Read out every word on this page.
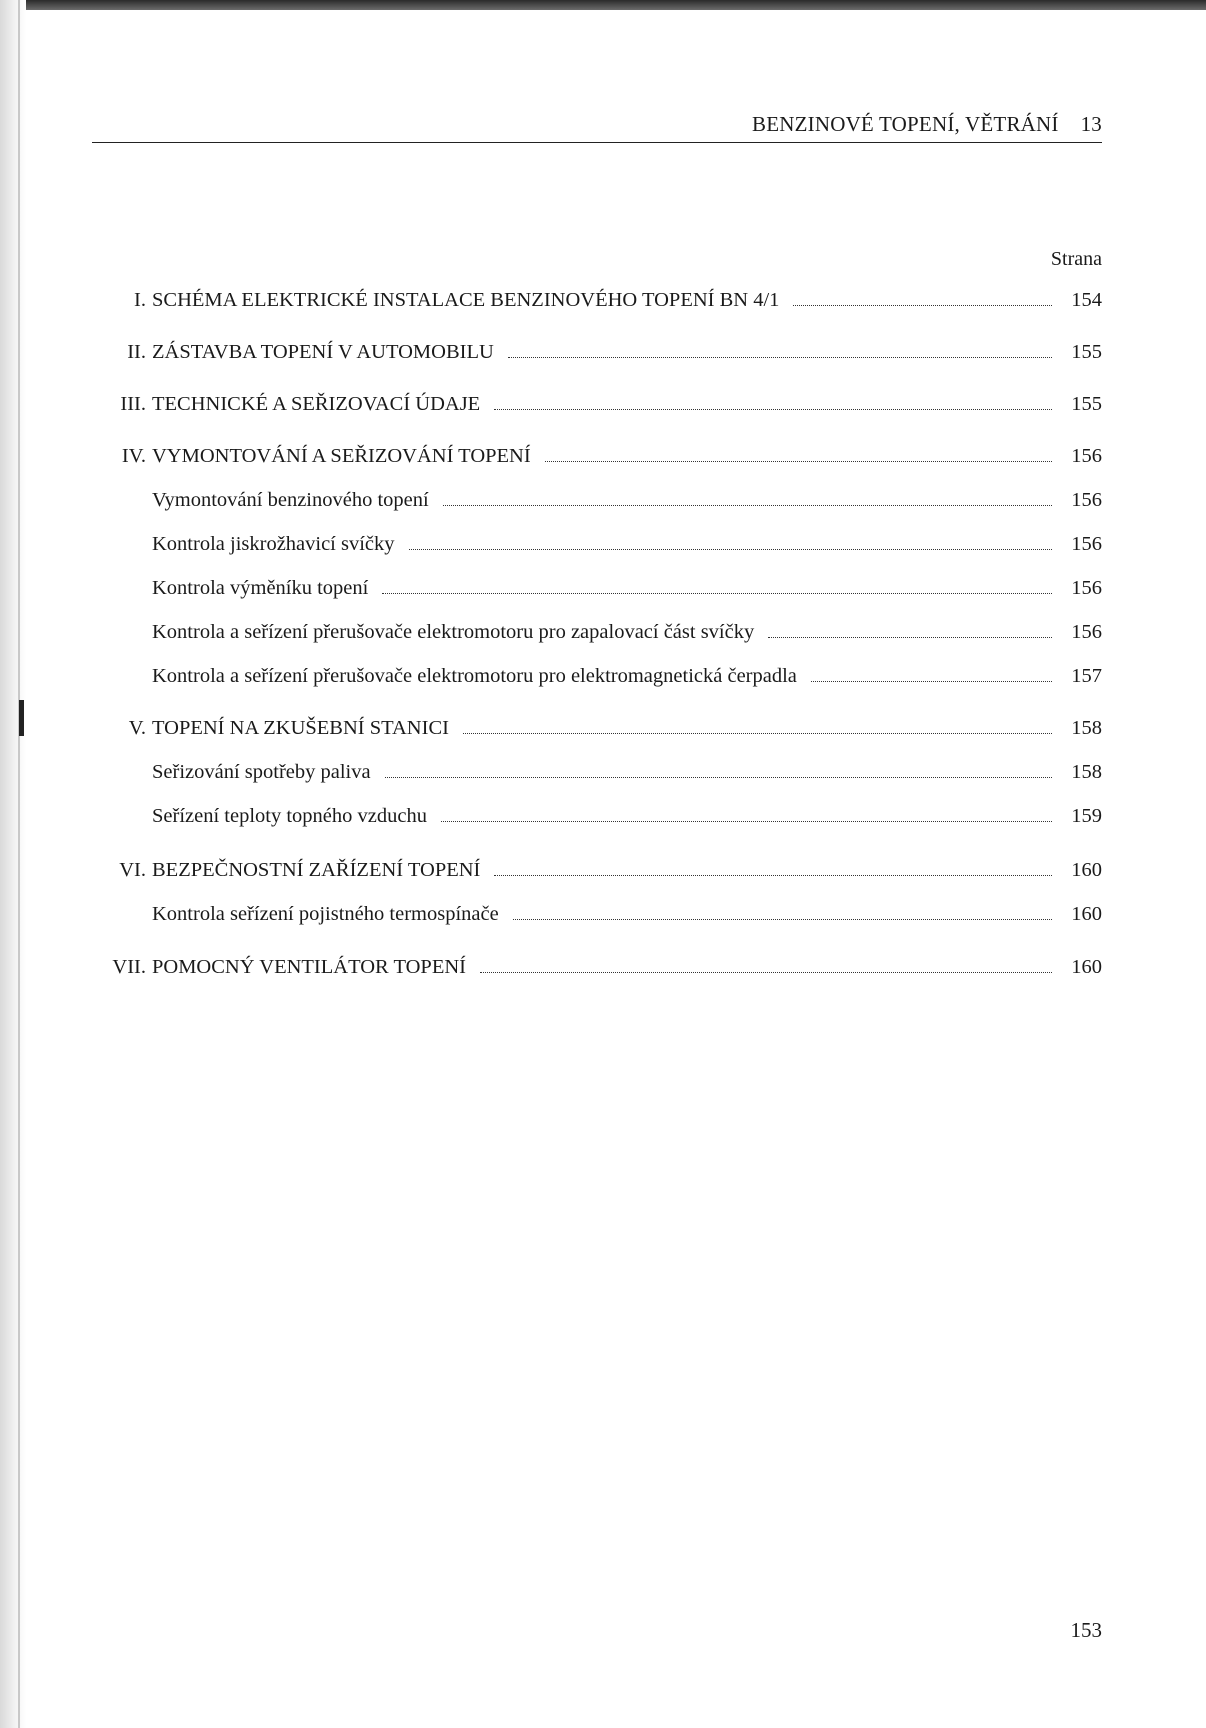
BENZINOVÉ TOPENÍ, VĚTRÁNÍ 13
Strana
I. SCHÉMA ELEKTRICKÉ INSTALACE BENZINOVÉHO TOPENÍ BN 4/1	154
II. ZÁSTAVBA TOPENÍ V AUTOMOBILU	155
III. TECHNICKÉ A SEŘIZOVACÍ ÚDAJE	155
IV. VYMONTOVÁNÍ A SEŘIZOVÁNÍ TOPENÍ	156
Vymontování benzinového topení	156
Kontrola jiskrožhavicí svíčky	156
Kontrola výměníku topení	156
Kontrola a seřízení přerušovače elektromotoru pro zapalovací část svíčky	156
Kontrola a seřízení přerušovače elektromotoru pro elektromagnetická čerpadla	157
V. TOPENÍ NA ZKUŠEBNÍ STANICI	158
Seřizování spotřeby paliva	158
Seřízení teploty topného vzduchu	159
VI. BEZPEČNOSTNÍ ZAŘÍZENÍ TOPENÍ	160
Kontrola seřízení pojistného termospínače	160
VII. POMOCNÝ VENTILÁTOR TOPENÍ	160
153
